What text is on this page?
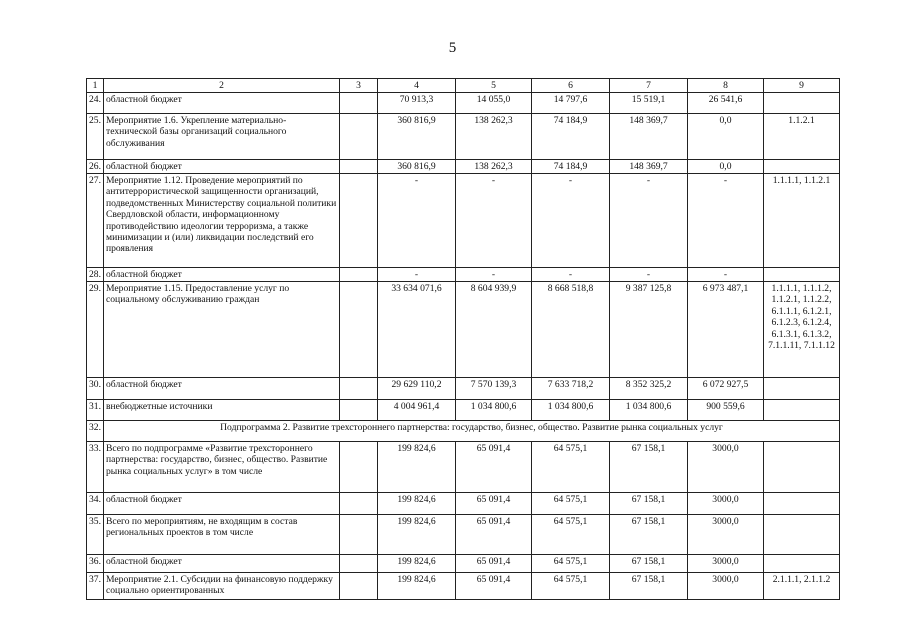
5
1	2	3	4	5	6	7	8	9
24.	областной бюджет		70 913,3	14 055,0	14 797,6	15 519,1	26 541,6	
25.	Мероприятие 1.6. Укрепление материально-технической базы организаций социального обслуживания		360 816,9	138 262,3	74 184,9	148 369,7	0,0	1.1.2.1
26.	областной бюджет		360 816,9	138 262,3	74 184,9	148 369,7	0,0	
27.	Мероприятие 1.12. Проведение мероприятий по антитеррористической защищенности организаций, подведомственных Министерству социальной политики Свердловской области, информационному противодействию идеологии терроризма, а также минимизации и (или) ликвидации последствий его проявления		-	-	-	-	-	1.1.1.1, 1.1.2.1
28.	областной бюджет		-	-	-	-	-	
29.	Мероприятие 1.15. Предоставление услуг по социальному обслуживанию граждан		33 634 071,6	8 604 939,9	8 668 518,8	9 387 125,8	6 973 487,1	1.1.1.1, 1.1.1.2, 1.1.2.1, 1.1.2.2, 6.1.1.1, 6.1.2.1, 6.1.2.3, 6.1.2.4, 6.1.3.1, 6.1.3.2, 7.1.1.11, 7.1.1.12
30.	областной бюджет		29 629 110,2	7 570 139,3	7 633 718,2	8 352 325,2	6 072 927,5	
31.	внебюджетные источники		4 004 961,4	1 034 800,6	1 034 800,6	1 034 800,6	900 559,6	
32.	Подпрограмма 2. Развитие трехстороннего партнерства: государство, бизнес, общество. Развитие рынка социальных услуг							
33.	Всего по подпрограмме «Развитие трехстороннего партнерства: государство, бизнес, общество. Развитие рынка социальных услуг» в том числе		199 824,6	65 091,4	64 575,1	67 158,1	3000,0	
34.	областной бюджет		199 824,6	65 091,4	64 575,1	67 158,1	3000,0	
35.	Всего по мероприятиям, не входящим в состав региональных проектов в том числе		199 824,6	65 091,4	64 575,1	67 158,1	3000,0	
36.	областной бюджет		199 824,6	65 091,4	64 575,1	67 158,1	3000,0	
37.	Мероприятие 2.1. Субсидии на финансовую поддержку социально ориентированных		199 824,6	65 091,4	64 575,1	67 158,1	3000,0	2.1.1.1, 2.1.1.2
